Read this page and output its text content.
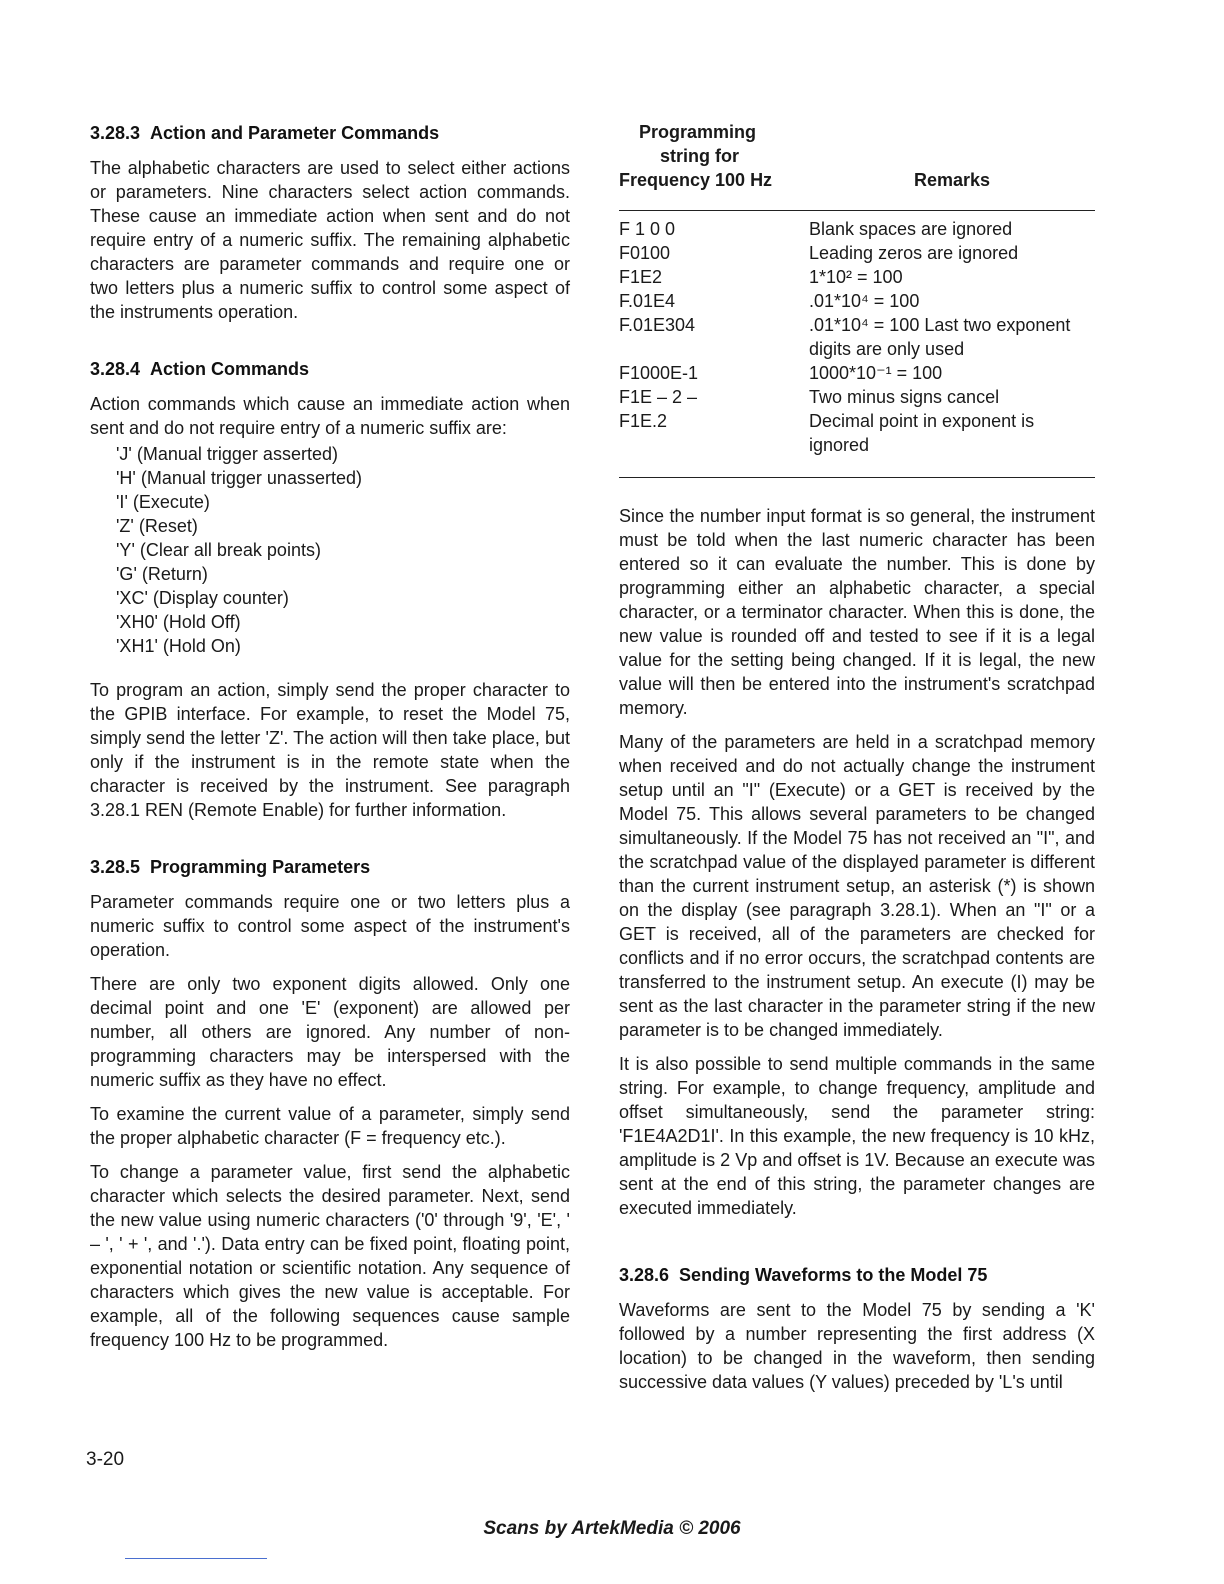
3.28.3 Action and Parameter Commands

The alphabetic characters are used to select either actions or parameters. Nine characters select action commands. These cause an immediate action when sent and do not require entry of a numeric suffix. The remaining alphabetic characters are parameter commands and require one or two letters plus a numeric suffix to control some aspect of the instruments operation.

3.28.4 Action Commands

Action commands which cause an immediate action when sent and do not require entry of a numeric suffix are:

'J' (Manual trigger asserted)
'H' (Manual trigger unasserted)
'I' (Execute)
'Z' (Reset)
'Y' (Clear all break points)
'G' (Return)
'XC' (Display counter)
'XH0' (Hold Off)
'XH1' (Hold On)

To program an action, simply send the proper character to the GPIB interface. For example, to reset the Model 75, simply send the letter 'Z'. The action will then take place, but only if the instrument is in the remote state when the character is received by the instrument. See paragraph 3.28.1 REN (Remote Enable) for further information.

3.28.5 Programming Parameters

Parameter commands require one or two letters plus a numeric suffix to control some aspect of the instrument's operation.

There are only two exponent digits allowed. Only one decimal point and one 'E' (exponent) are allowed per number, all others are ignored. Any number of non-programming characters may be interspersed with the numeric suffix as they have no effect.

To examine the current value of a parameter, simply send the proper alphabetic character (F = frequency etc.).

To change a parameter value, first send the alphabetic character which selects the desired parameter. Next, send the new value using numeric characters ('0' through '9', 'E', ' – ', ' + ', and '.'). Data entry can be fixed point, floating point, exponential notation or scientific notation. Any sequence of characters which gives the new value is acceptable. For example, all of the following sequences cause sample frequency 100 Hz to be programmed.

Programming
string for
Frequency 100 Hz	Remarks
F 1 0 0	Blank spaces are ignored
F0100	Leading zeros are ignored
F1E2	1*10² = 100
F.01E4	.01*10⁴ = 100
F.01E304	.01*10⁴ = 100 Last two exponent digits are only used
F1000E-1	1000*10⁻¹ = 100
F1E – 2 –	Two minus signs cancel
F1E.2	Decimal point in exponent is ignored

Since the number input format is so general, the instrument must be told when the last numeric character has been entered so it can evaluate the number. This is done by programming either an alphabetic character, a special character, or a terminator character. When this is done, the new value is rounded off and tested to see if it is a legal value for the setting being changed. If it is legal, the new value will then be entered into the instrument's scratchpad memory.

Many of the parameters are held in a scratchpad memory when received and do not actually change the instrument setup until an "I" (Execute) or a GET is received by the Model 75. This allows several parameters to be changed simultaneously. If the Model 75 has not received an "I", and the scratchpad value of the displayed parameter is different than the current instrument setup, an asterisk (*) is shown on the display (see paragraph 3.28.1). When an "I" or a GET is received, all of the parameters are checked for conflicts and if no error occurs, the scratchpad contents are transferred to the instrument setup. An execute (I) may be sent as the last character in the parameter string if the new parameter is to be changed immediately.

It is also possible to send multiple commands in the same string. For example, to change frequency, amplitude and offset simultaneously, send the parameter string: 'F1E4A2D1I'. In this example, the new frequency is 10 kHz, amplitude is 2 Vp and offset is 1V. Because an execute was sent at the end of this string, the parameter changes are executed immediately.

3.28.6 Sending Waveforms to the Model 75

Waveforms are sent to the Model 75 by sending a 'K' followed by a number representing the first address (X location) to be changed in the waveform, then sending successive data values (Y values) preceded by 'L's until

3-20
Scans by ArtekMedia © 2006
